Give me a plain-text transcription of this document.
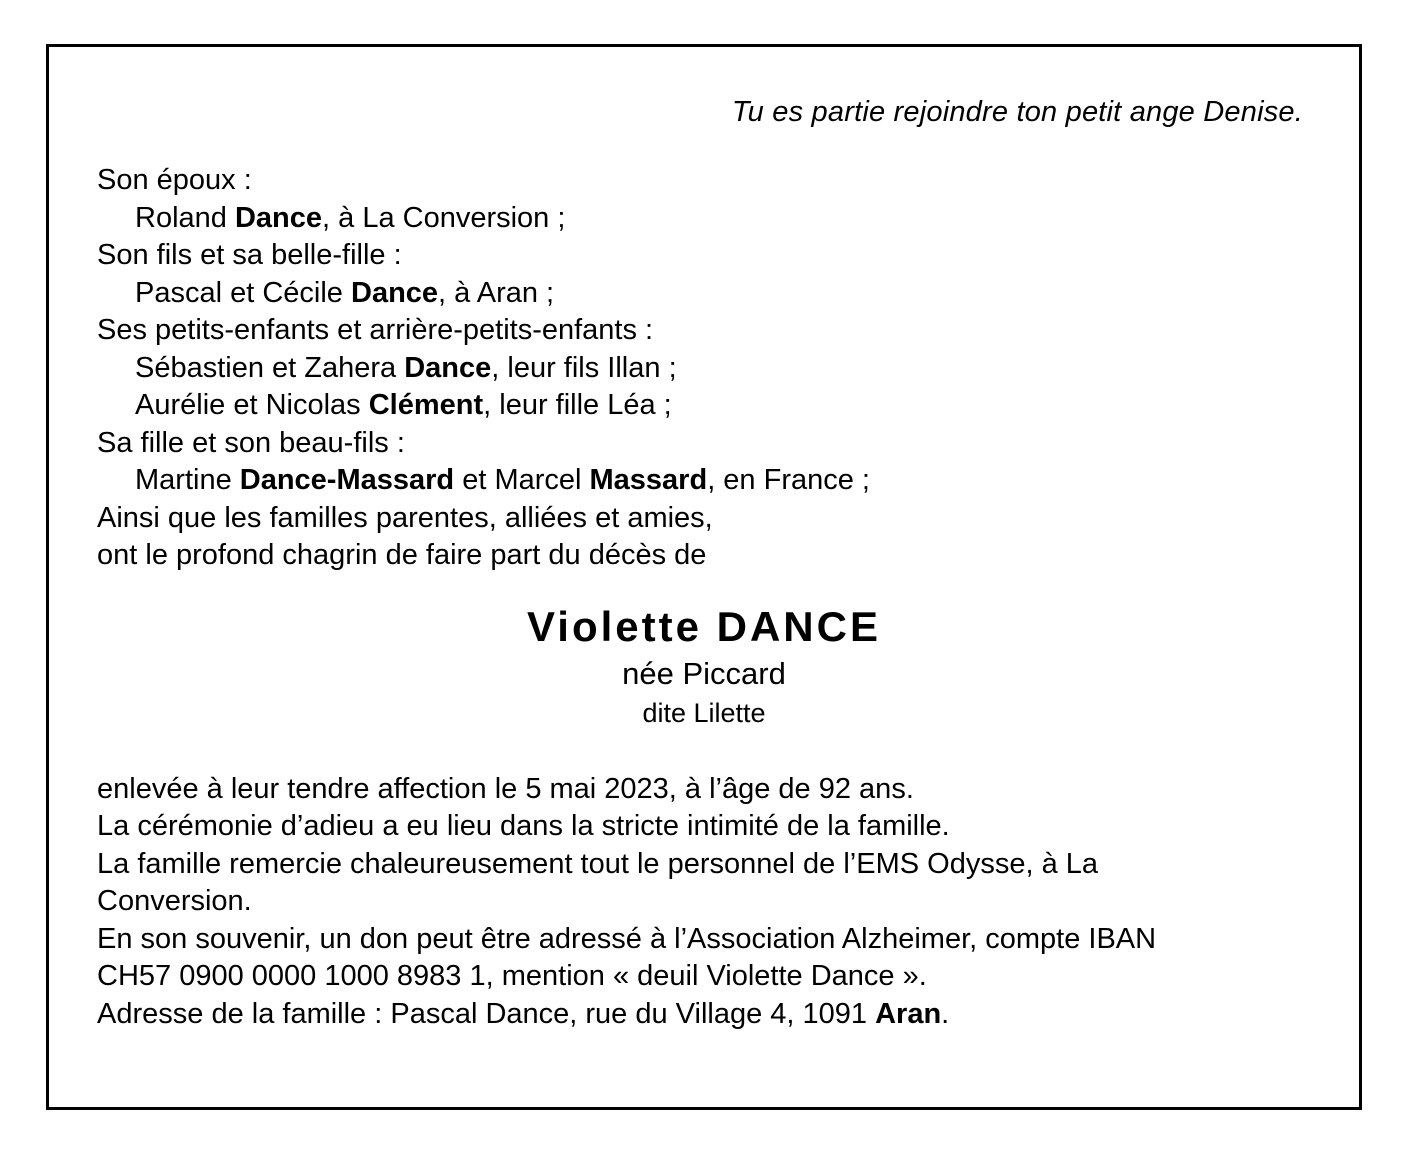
Tu es partie rejoindre ton petit ange Denise.
Son époux :
Roland Dance, à La Conversion ;
Son fils et sa belle-fille :
Pascal et Cécile Dance, à Aran ;
Ses petits-enfants et arrière-petits-enfants :
Sébastien et Zahera Dance, leur fils Illan ;
Aurélie et Nicolas Clément, leur fille Léa ;
Sa fille et son beau-fils :
Martine Dance-Massard et Marcel Massard, en France ;
Ainsi que les familles parentes, alliées et amies,
ont le profond chagrin de faire part du décès de
Violette DANCE
née Piccard
dite Lilette
enlevée à leur tendre affection le 5 mai 2023, à l’âge de 92 ans.
La cérémonie d’adieu a eu lieu dans la stricte intimité de la famille.
La famille remercie chaleureusement tout le personnel de l’EMS Odysse, à La
Conversion.
En son souvenir, un don peut être adressé à l’Association Alzheimer, compte IBAN
CH57 0900 0000 1000 8983 1, mention « deuil Violette Dance ».
Adresse de la famille : Pascal Dance, rue du Village 4, 1091 Aran.
